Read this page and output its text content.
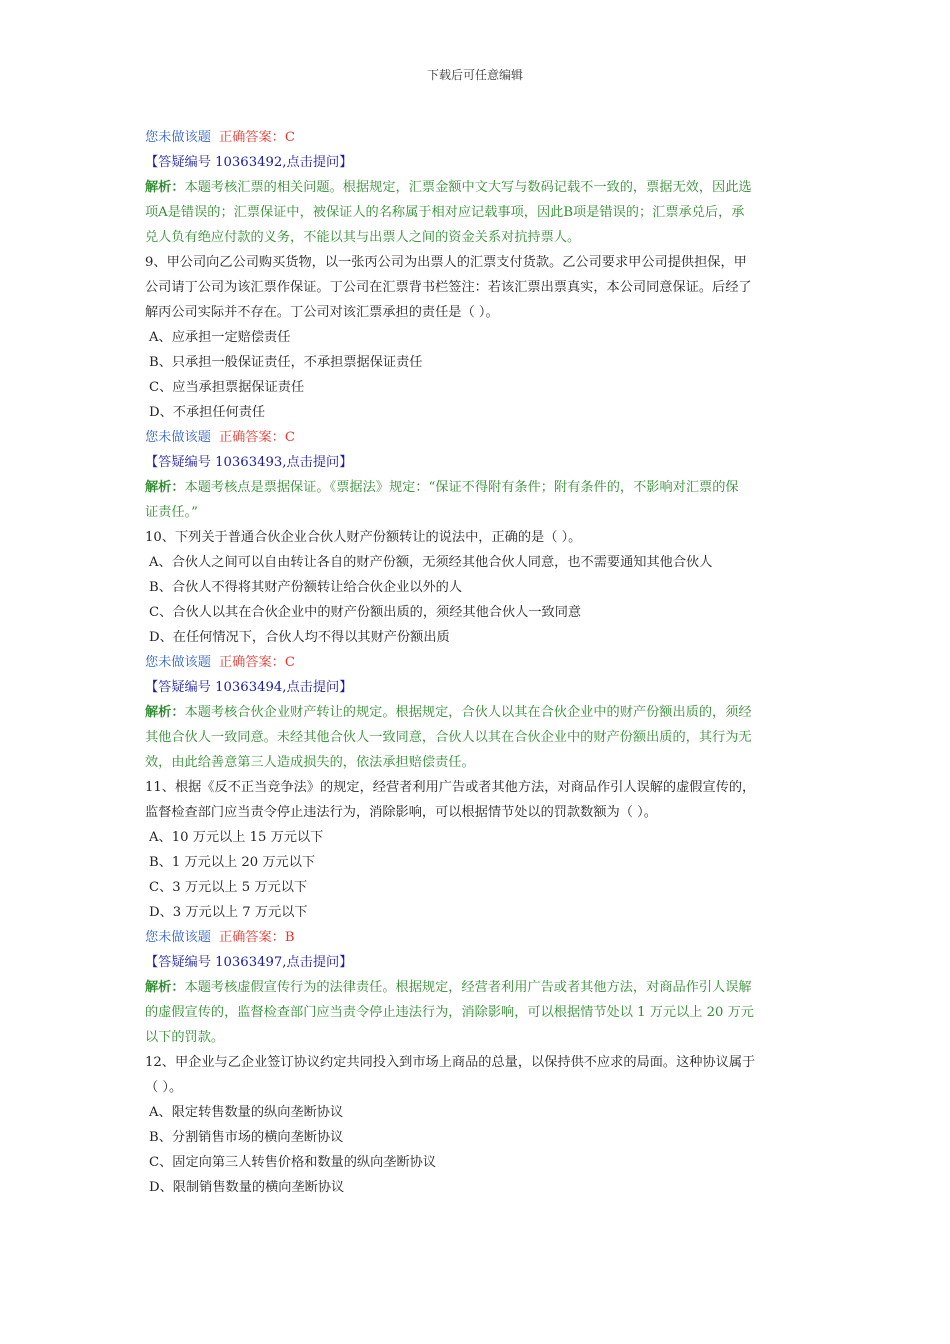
下载后可任意编辑
您未做该题 正确答案：C
【答疑编号 10363492,点击提问】
解析：本题考核汇票的相关问题。根据规定，汇票金额中文大写与数码记载不一致的，票据无效，因此选
项A是错误的；汇票保证中，被保证人的名称属于相对应记载事项，因此B项是错误的；汇票承兑后，承
兑人负有绝应付款的义务，不能以其与出票人之间的资金关系对抗持票人。
9、甲公司向乙公司购买货物，以一张丙公司为出票人的汇票支付货款。乙公司要求甲公司提供担保，甲
公司请丁公司为该汇票作保证。丁公司在汇票背书栏签注：若该汇票出票真实，本公司同意保证。后经了
解丙公司实际并不存在。丁公司对该汇票承担的责任是（ ）。
A、应承担一定赔偿责任
B、只承担一般保证责任，不承担票据保证责任
C、应当承担票据保证责任
D、不承担任何责任
您未做该题 正确答案：C
【答疑编号 10363493,点击提问】
解析：本题考核点是票据保证。《票据法》规定：“保证不得附有条件；附有条件的，不影响对汇票的保
证责任。”
10、下列关于普通合伙企业合伙人财产份额转让的说法中，正确的是（ ）。
A、合伙人之间可以自由转让各自的财产份额，无须经其他合伙人同意，也不需要通知其他合伙人
B、合伙人不得将其财产份额转让给合伙企业以外的人
C、合伙人以其在合伙企业中的财产份额出质的，须经其他合伙人一致同意
D、在任何情况下，合伙人均不得以其财产份额出质
您未做该题 正确答案：C
【答疑编号 10363494,点击提问】
解析：本题考核合伙企业财产转让的规定。根据规定，合伙人以其在合伙企业中的财产份额出质的，须经
其他合伙人一致同意。未经其他合伙人一致同意，合伙人以其在合伙企业中的财产份额出质的，其行为无
效，由此给善意第三人造成损失的，依法承担赔偿责任。
11、根据《反不正当竞争法》的规定，经营者利用广告或者其他方法，对商品作引人误解的虚假宣传的，
监督检查部门应当责令停止违法行为，消除影响，可以根据情节处以的罚款数额为（ ）。
A、10 万元以上 15 万元以下
B、1 万元以上 20 万元以下
C、3 万元以上 5 万元以下
D、3 万元以上 7 万元以下
您未做该题 正确答案：B
【答疑编号 10363497,点击提问】
解析：本题考核虚假宣传行为的法律责任。根据规定，经营者利用广告或者其他方法，对商品作引人误解
的虚假宣传的，监督检查部门应当责令停止违法行为，消除影响，可以根据情节处以 1 万元以上 20 万元
以下的罚款。
12、甲企业与乙企业签订协议约定共同投入到市场上商品的总量，以保持供不应求的局面。这种协议属于
（ ）。
A、限定转售数量的纵向垄断协议
B、分割销售市场的横向垄断协议
C、固定向第三人转售价格和数量的纵向垄断协议
D、限制销售数量的横向垄断协议
